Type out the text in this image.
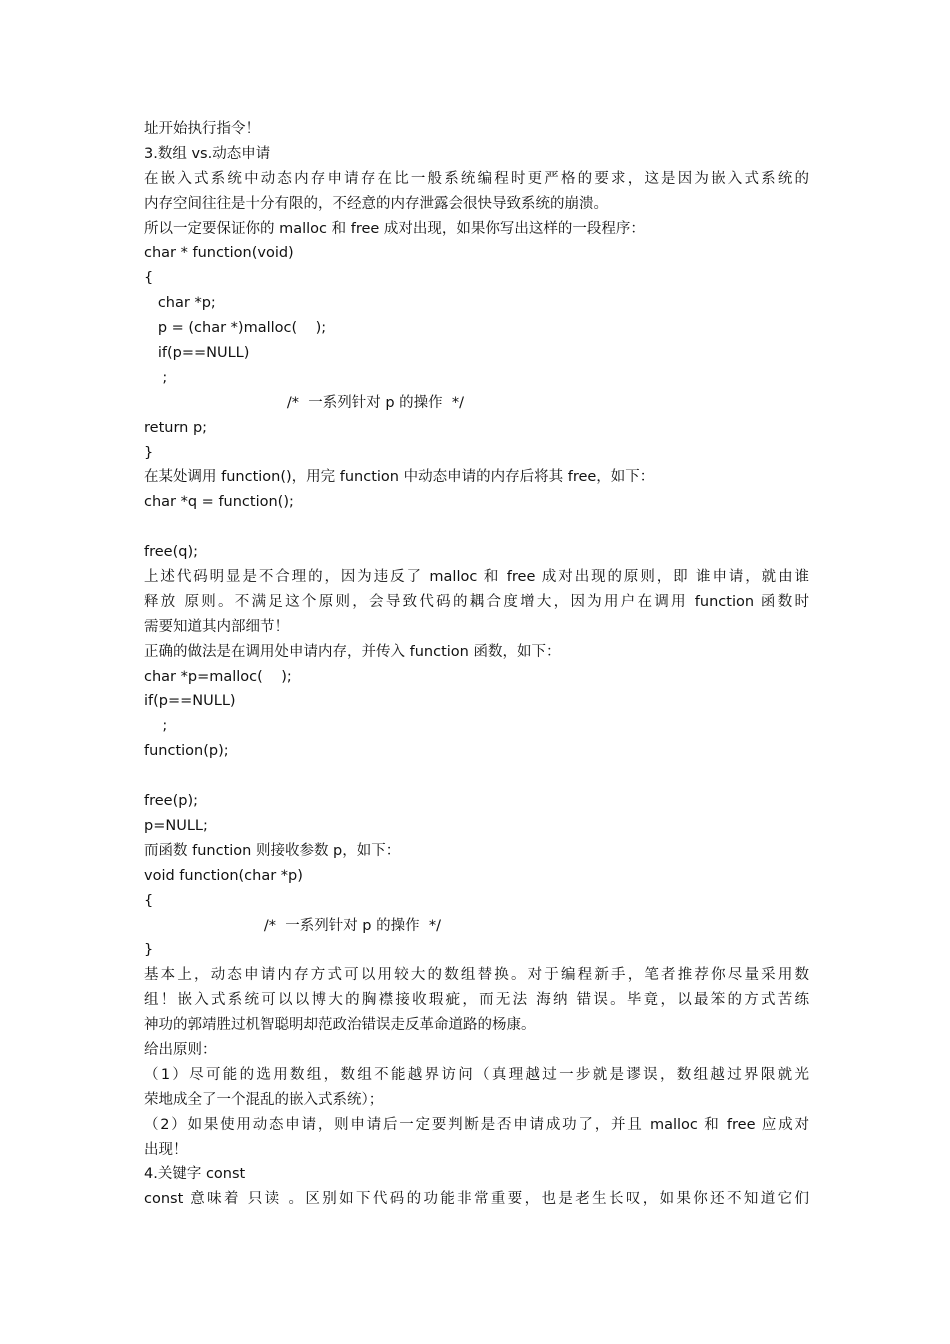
址开始执行指令！
3.数组 vs.动态申请
在嵌入式系统中动态内存申请存在比一般系统编程时更严格的要求，这是因为嵌入式系统的
内存空间往往是十分有限的，不经意的内存泄露会很快导致系统的崩溃。
所以一定要保证你的 malloc 和 free 成对出现，如果你写出这样的一段程序：
char * function(void)
{
char *p;
p = (char *)malloc(    );
if(p==NULL)
;
/*  一系列针对 p 的操作  */
return p;
}
在某处调用 function()，用完 function 中动态申请的内存后将其 free，如下：
char *q = function();
free(q);
上述代码明显是不合理的，因为违反了 malloc 和 free 成对出现的原则，即 谁申请，就由谁
释放 原则。不满足这个原则，会导致代码的耦合度增大，因为用户在调用 function 函数时
需要知道其内部细节！
正确的做法是在调用处申请内存，并传入 function 函数，如下：
char *p=malloc(    );
if(p==NULL)
;
function(p);
free(p);
p=NULL;
而函数 function 则接收参数 p，如下：
void function(char *p)
{
/*  一系列针对 p 的操作  */
}
基本上，动态申请内存方式可以用较大的数组替换。对于编程新手，笔者推荐你尽量采用数
组！嵌入式系统可以以博大的胸襟接收瑕疵，而无法 海纳 错误。毕竟，以最笨的方式苦练
神功的郭靖胜过机智聪明却范政治错误走反革命道路的杨康。
给出原则：
（1）尽可能的选用数组，数组不能越界访问（真理越过一步就是谬误，数组越过界限就光
荣地成全了一个混乱的嵌入式系统）；
（2）如果使用动态申请，则申请后一定要判断是否申请成功了，并且 malloc 和 free 应成对
出现！
4.关键字 const
const 意味着 只读 。区别如下代码的功能非常重要，也是老生长叹，如果你还不知道它们
